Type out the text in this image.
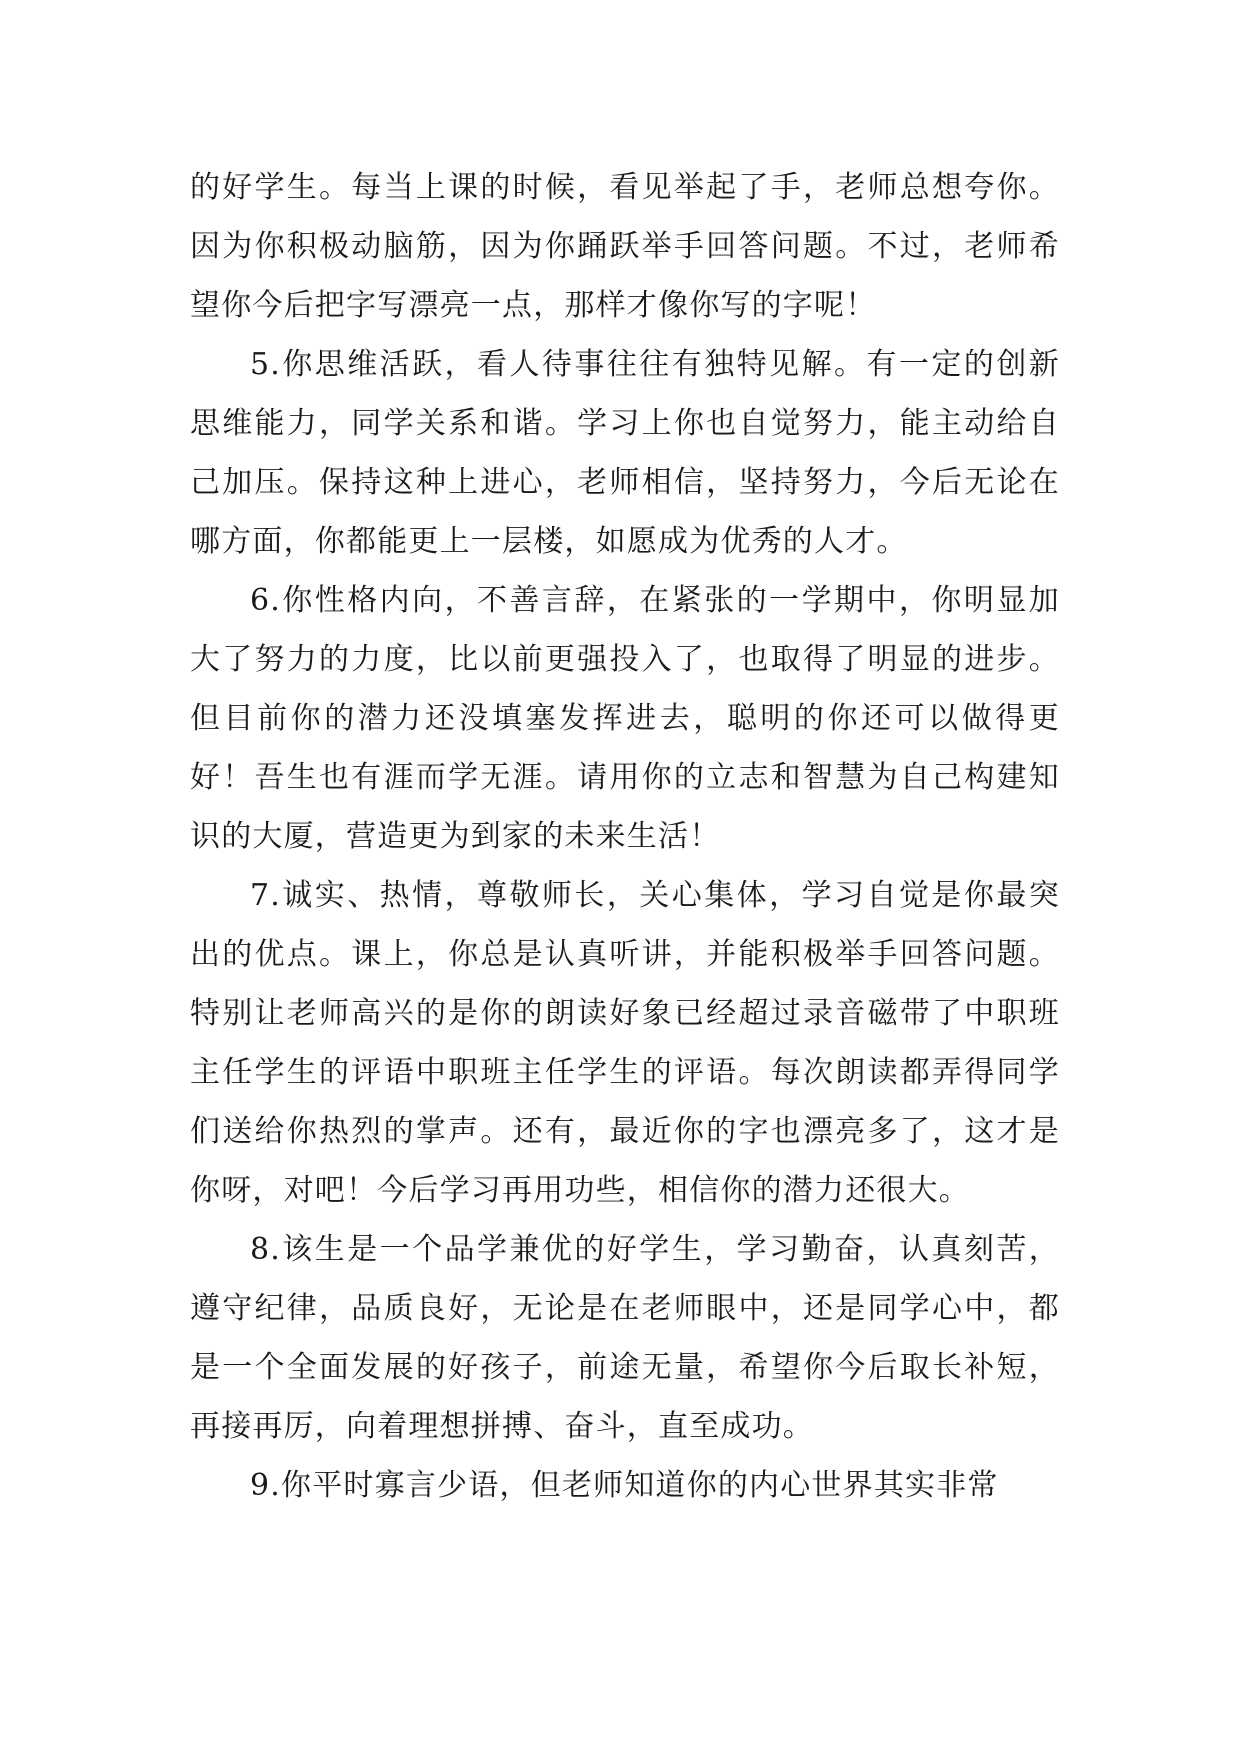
的好学生。每当上课的时候，看见举起了手，老师总想夸你。因为你积极动脑筋，因为你踊跃举手回答问题。不过，老师希望你今后把字写漂亮一点，那样才像你写的字呢！

5.你思维活跃，看人待事往往有独特见解。有一定的创新思维能力，同学关系和谐。学习上你也自觉努力，能主动给自己加压。保持这种上进心，老师相信，坚持努力，今后无论在哪方面，你都能更上一层楼，如愿成为优秀的人才。

6.你性格内向，不善言辞，在紧张的一学期中，你明显加大了努力的力度，比以前更强投入了，也取得了明显的进步。但目前你的潜力还没填塞发挥进去，聪明的你还可以做得更好！吾生也有涯而学无涯。请用你的立志和智慧为自己构建知识的大厦，营造更为到家的未来生活！

7.诚实、热情，尊敬师长，关心集体，学习自觉是你最突出的优点。课上，你总是认真听讲，并能积极举手回答问题。特别让老师高兴的是你的朗读好象已经超过录音磁带了中职班主任学生的评语中职班主任学生的评语。每次朗读都弄得同学们送给你热烈的掌声。还有，最近你的字也漂亮多了，这才是你呀，对吧！今后学习再用功些，相信你的潜力还很大。

8.该生是一个品学兼优的好学生，学习勤奋，认真刻苦，遵守纪律，品质良好，无论是在老师眼中，还是同学心中，都是一个全面发展的好孩子，前途无量，希望你今后取长补短，再接再厉，向着理想拼搏、奋斗，直至成功。

9.你平时寡言少语，但老师知道你的内心世界其实非常
